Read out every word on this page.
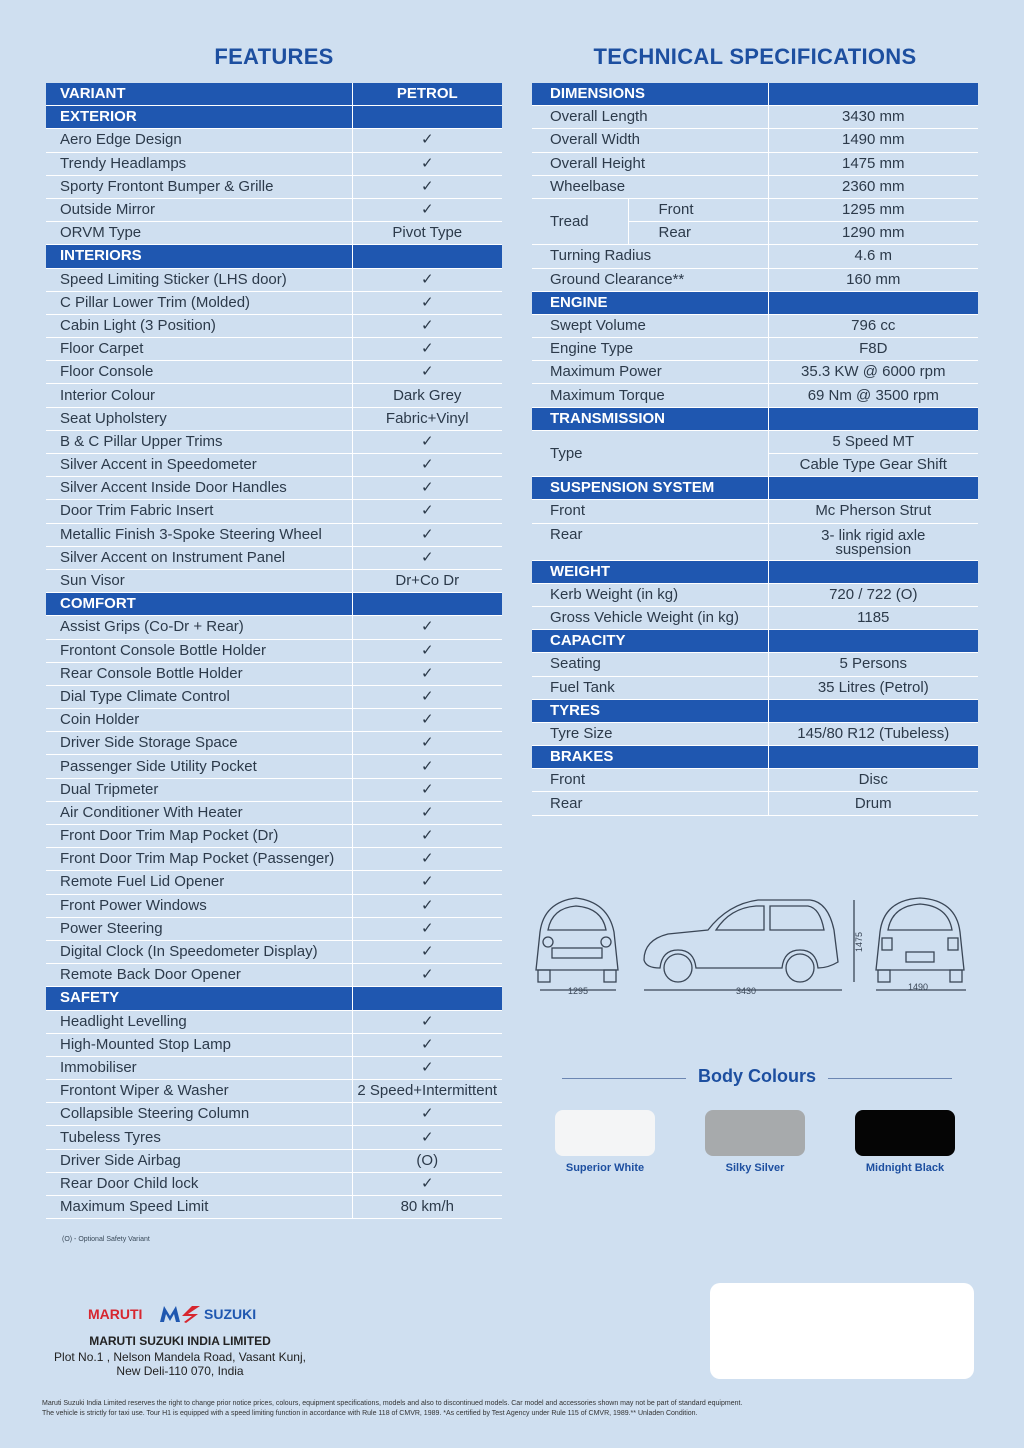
FEATURES	TECHNICAL SPECIFICATIONS
VARIANT	PETROL
EXTERIOR	
Aero Edge Design	✓
Trendy Headlamps	✓
Sporty Frontont Bumper & Grille	✓
Outside Mirror	✓
ORVM Type	Pivot Type
INTERIORS	
Speed Limiting Sticker (LHS door)	✓
C Pillar Lower Trim (Molded)	✓
Cabin Light (3 Position)	✓
Floor Carpet	✓
Floor Console	✓
Interior Colour	Dark Grey
Seat Upholstery	Fabric+Vinyl
B & C Pillar Upper Trims	✓
Silver Accent in Speedometer	✓
Silver Accent Inside Door Handles	✓
Door Trim Fabric Insert	✓
Metallic Finish 3-Spoke Steering Wheel	✓
Silver Accent on Instrument Panel	✓
Sun Visor	Dr+Co Dr
COMFORT	
Assist Grips (Co-Dr + Rear)	✓
Frontont Console Bottle Holder	✓
Rear Console Bottle Holder	✓
Dial Type Climate Control	✓
Coin Holder	✓
Driver Side Storage Space	✓
Passenger Side Utility Pocket	✓
Dual Tripmeter	✓
Air Conditioner With Heater	✓
Front Door Trim Map Pocket (Dr)	✓
Front Door Trim Map Pocket (Passenger)	✓
Remote Fuel Lid Opener	✓
Front Power Windows	✓
Power Steering	✓
Digital Clock (In Speedometer Display)	✓
Remote Back Door Opener	✓
SAFETY	
Headlight Levelling	✓
High-Mounted Stop Lamp	✓
Immobiliser	✓
Frontont Wiper & Washer	2 Speed+Intermittent
Collapsible Steering Column	✓
Tubeless Tyres	✓
Driver Side Airbag	(O)
Rear Door Child lock	✓
Maximum Speed Limit	80 km/h
(O) - Optional Safety Variant
DIMENSIONS		
Overall Length		3430 mm
Overall Width		1490 mm
Overall Height		1475 mm
Wheelbase		2360 mm
Tread	Front	1295 mm
	Rear	1290 mm
Turning Radius		4.6 m
Ground Clearance**		160 mm
ENGINE		
Swept Volume		796 cc
Engine Type		F8D
Maximum Power		35.3 KW @ 6000 rpm
Maximum Torque		69 Nm @ 3500 rpm
TRANSMISSION		
Type		5 Speed MT
		Cable Type Gear Shift
SUSPENSION SYSTEM		
Front		Mc Pherson Strut
Rear		3- link rigid axle
suspension
WEIGHT		
Kerb Weight (in kg)		720 / 722 (O)
Gross Vehicle Weight (in kg)		1185
CAPACITY		
Seating		5 Persons
Fuel Tank		35 Litres (Petrol)
TYRES		
Tyre Size		145/80 R12 (Tubeless)
BRAKES		
Front		Disc
Rear		Drum
1295	3430
1475
1490
Body Colours
Superior White	Silky Silver	Midnight Black
MARUTI	SUZUKI
MARUTI SUZUKI INDIA LIMITED
Plot No.1 , Nelson Mandela Road, Vasant Kunj,
New Deli-110 070, India
Maruti Suzuki India Limited reserves the right to change prior notice prices, colours, equipment specifications, models and also to discontinued models. Car model and accessories shown may not be part of standard equipment.
The vehicle is strictly for taxi use. Tour H1 is equipped with a speed limiting function in accordance with Rule 118 of CMVR, 1989. *As certified by Test Agency under Rule 115 of CMVR, 1989.** Unladen Condition.
